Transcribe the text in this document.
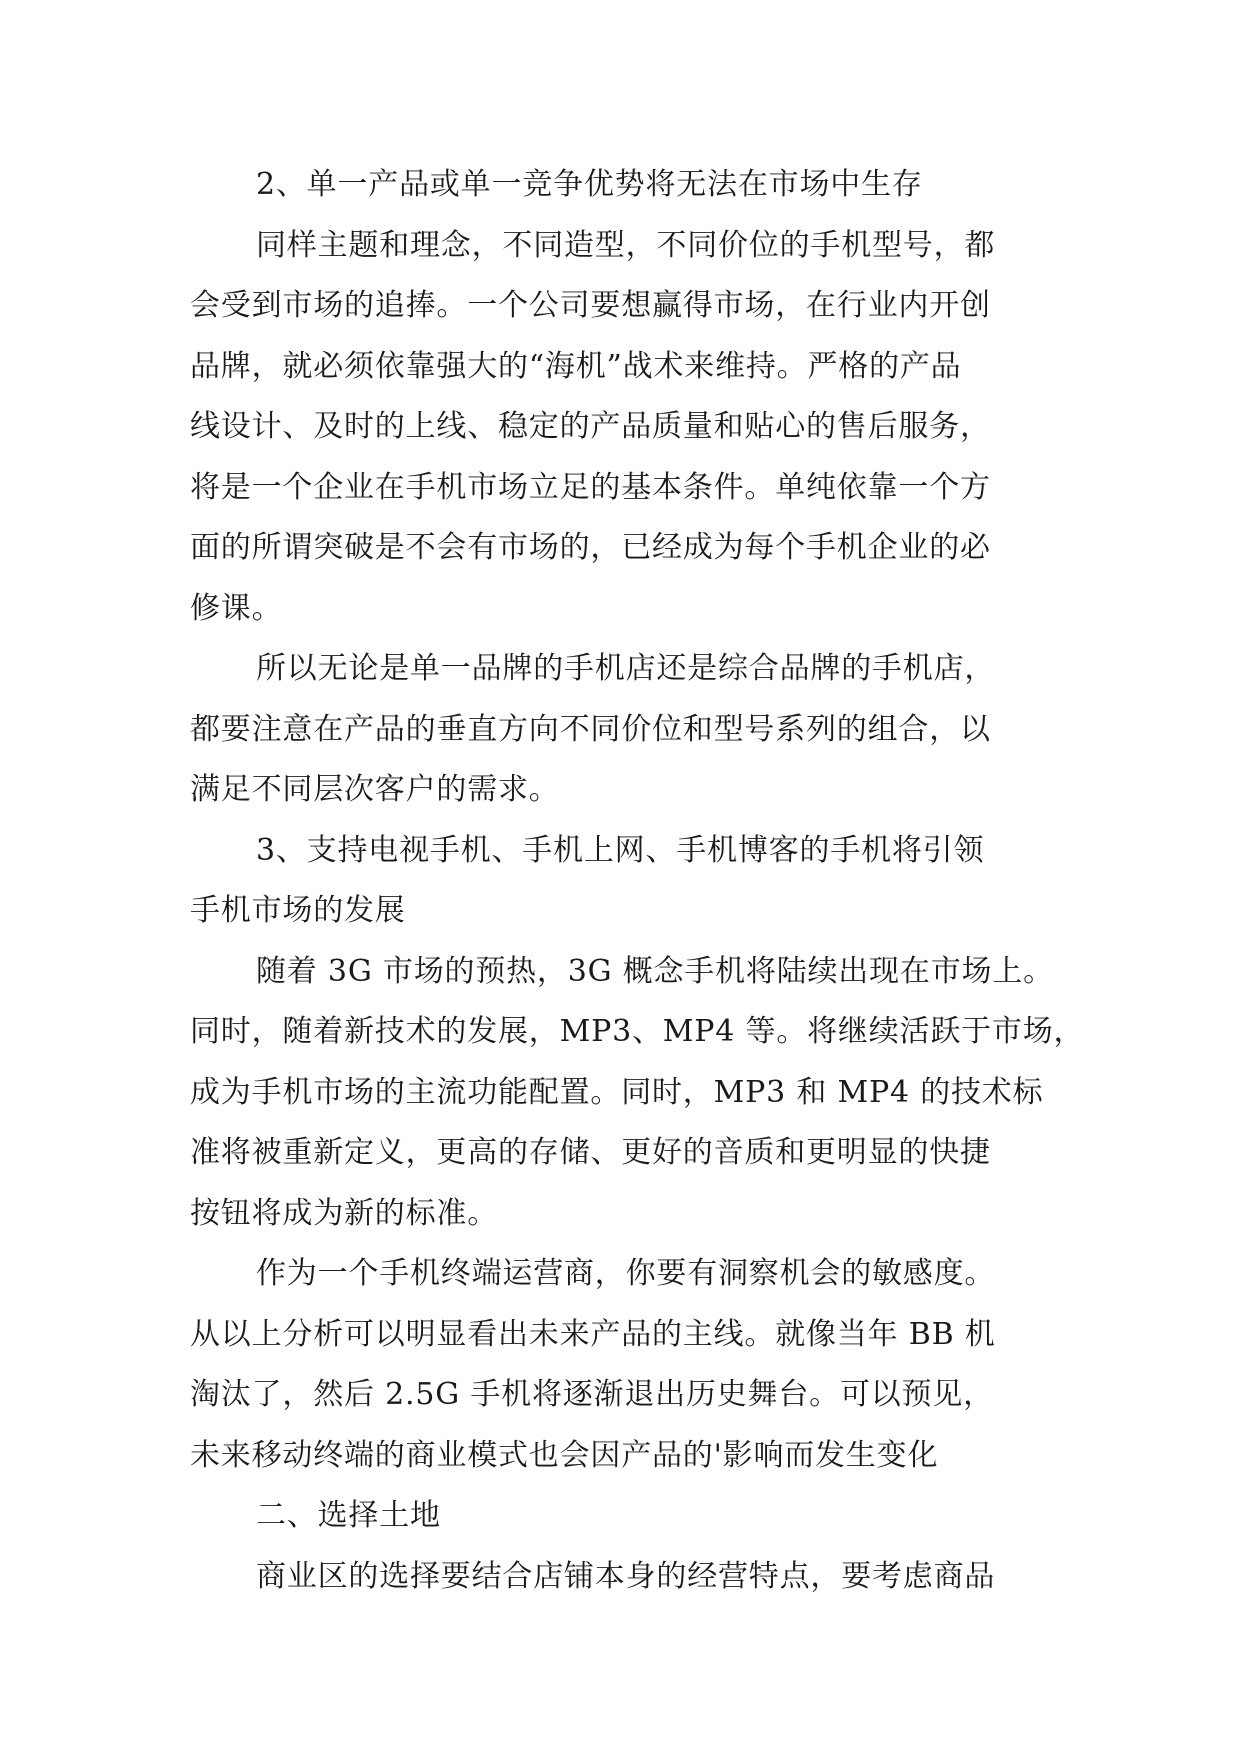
2、单一产品或单一竞争优势将无法在市场中生存
同样主题和理念，不同造型，不同价位的手机型号，都
会受到市场的追捧。一个公司要想赢得市场，在行业内开创
品牌，就必须依靠强大的“海机”战术来维持。严格的产品
线设计、及时的上线、稳定的产品质量和贴心的售后服务，
将是一个企业在手机市场立足的基本条件。单纯依靠一个方
面的所谓突破是不会有市场的，已经成为每个手机企业的必
修课。
所以无论是单一品牌的手机店还是综合品牌的手机店，
都要注意在产品的垂直方向不同价位和型号系列的组合，以
满足不同层次客户的需求。
3、支持电视手机、手机上网、手机博客的手机将引领
手机市场的发展
随着 3G 市场的预热，3G 概念手机将陆续出现在市场上。
同时，随着新技术的发展，MP3、MP4 等。将继续活跃于市场，
成为手机市场的主流功能配置。同时，MP3 和 MP4 的技术标
准将被重新定义，更高的存储、更好的音质和更明显的快捷
按钮将成为新的标准。
作为一个手机终端运营商，你要有洞察机会的敏感度。
从以上分析可以明显看出未来产品的主线。就像当年 BB 机
淘汰了，然后 2.5G 手机将逐渐退出历史舞台。可以预见，
未来移动终端的商业模式也会因产品的'影响而发生变化
二、选择土地
商业区的选择要结合店铺本身的经营特点，要考虑商品
